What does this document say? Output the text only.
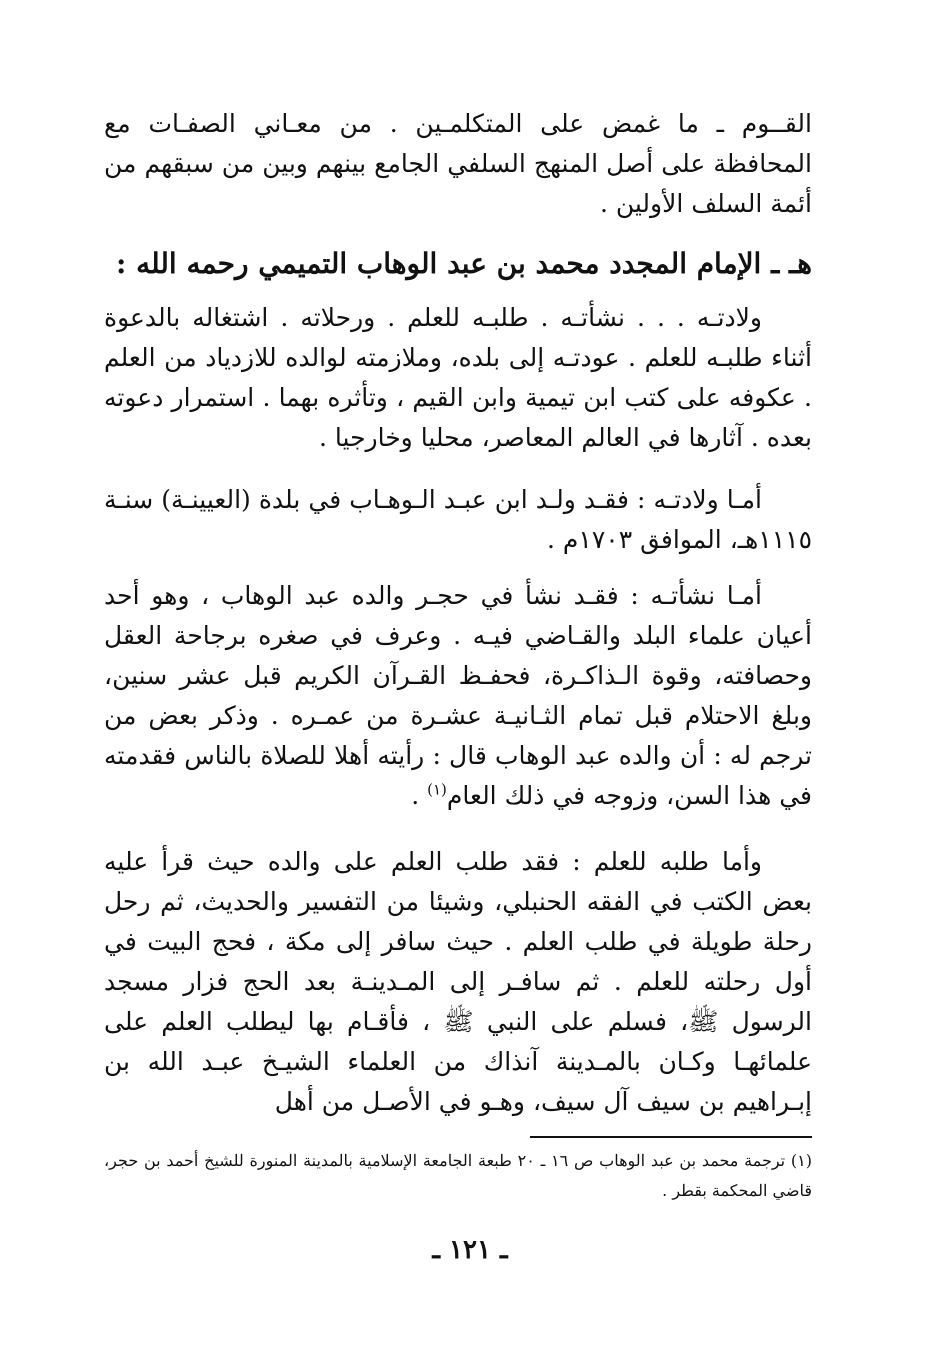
القــوم ـ ما غمض على المتكلمـين . من معـاني الصفـات مع المحافظة على أصل المنهج السلفي الجامع بينهم وبين من سبقهم من أئمة السلف الأولين .
هـ ـ الإمام المجدد محمد بن عبد الوهاب التميمي رحمه الله :
ولادتـه . . . نشأتـه . طلبـه للعلم . ورحلاته . اشتغاله بالدعوة أثناء طلبـه للعلم . عودتـه إلى بلده، وملازمته لوالده للازدياد من العلم . عكوفه على كتب ابن تيمية وابن القيم ، وتأثره بهما . استمرار دعوته بعده . آثارها في العالم المعاصر، محليا وخارجيا .
أمـا ولادتـه : فقـد ولـد ابن عبـد الـوهـاب في بلدة (العيينـة) سنـة ١١١٥هـ، الموافق ١٧٠٣م .
أمـا نشأتـه : فقـد نشأ في حجـر والده عبد الوهاب ، وهو أحد أعيان علماء البلد والقـاضي فيـه . وعرف في صغره برجاحة العقل وحصافته، وقوة الـذاكـرة، فحفـظ القـرآن الكريم قبل عشر سنين، وبلغ الاحتلام قبل تمام الثـانيـة عشـرة من عمـره . وذكر بعض من ترجم له : أن والده عبد الوهاب قال : رأيته أهلا للصلاة بالناس فقدمته في هذا السن، وزوجه في ذلك العام$^{(١)}$ .
وأما طلبه للعلم : فقد طلب العلم على والده حيث قرأ عليه بعض الكتب في الفقه الحنبلي، وشيئا من التفسير والحديث، ثم رحل رحلة طويلة في طلب العلم . حيث سافر إلى مكة ، فحج البيت في أول رحلته للعلم . ثم سافـر إلى المـدينـة بعد الحج فزار مسجد الرسول ﷺ، فسلم على النبي ﷺ ، فأقـام بها ليطلب العلم على علمائهـا وكـان بالمـدينة آنذاك من العلماء الشيـخ عبـد الله بن إبـراهيم بن سيف آل سيف، وهـو في الأصـل من أهل
(١) ترجمة محمد بن عبد الوهاب ص ١٦ ـ ٢٠ طبعة الجامعة الإسلامية بالمدينة المنورة للشيخ أحمد بن حجر، قاضي المحكمة بقطر .
ـ ١٢١ ـ
